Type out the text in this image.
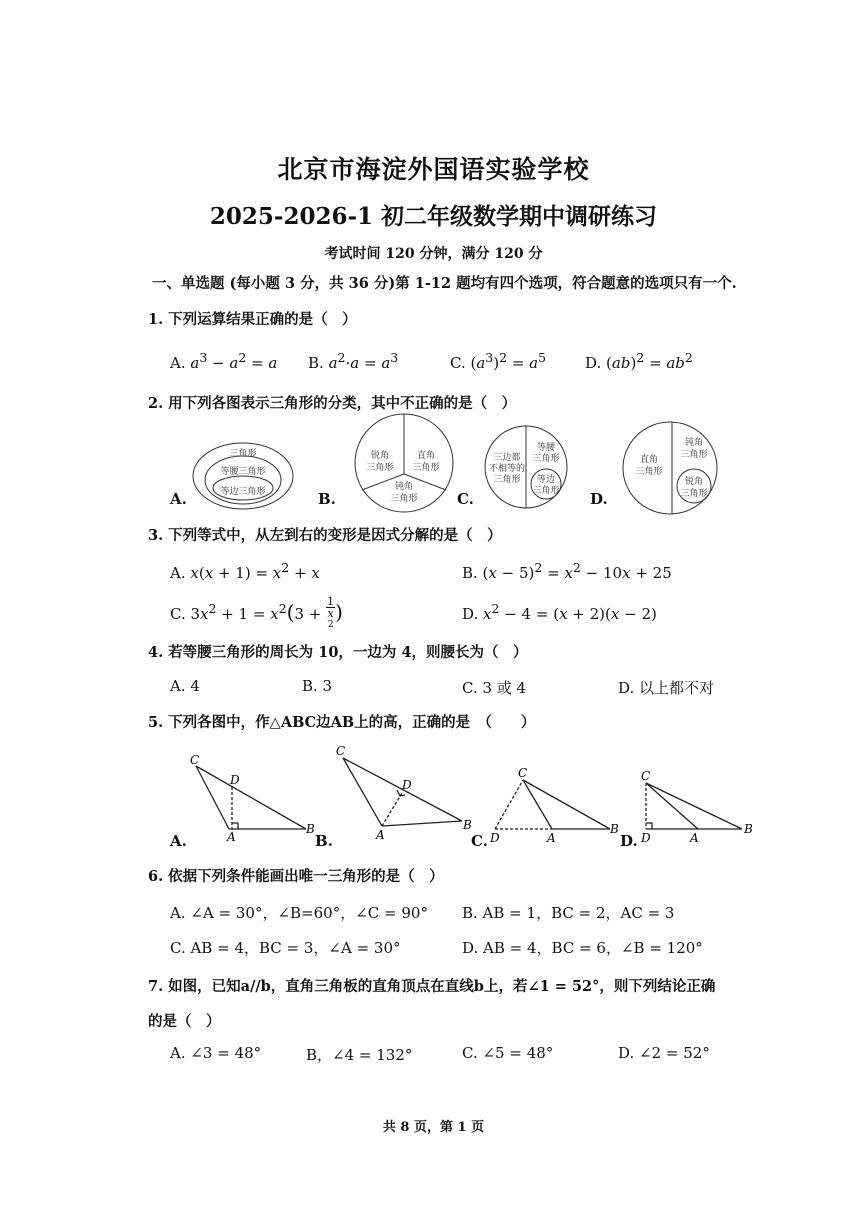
北京市海淀外国语实验学校
2025-2026-1 初二年级数学期中调研练习
考试时间 120 分钟，满分 120 分
一、单选题 (每小题 3 分，共 36 分)第 1-12 题均有四个选项，符合题意的选项只有一个.
1. 下列运算结果正确的是（　）
A. $a^3 - a^2 = a$ B. $a^2\cdot a = a^3$	C. $(a^3)^2 = a^5$	D. $(ab)^2 = ab^2$
2. 用下列各图表示三角形的分类，其中不正确的是（　）
A.	B.	C.	D.
三角形
等腰三角形
等边三角形
锐角
三角形
直角
三角形
钝角
三角形
三边都
不相等的
三角形
等腰
三角形
等边
三角形
直角
三角形
钝角
三角形
锐角
三角形
C
D
A
B
C
D
A
B
C
D	A
B
C
D	A
B
3. 下列等式中，从左到右的变形是因式分解的是（　）
A. $x(x + 1) = x^2 + x$	B. $(x - 5)^2 = x^2 - 10x + 25$
C. $3x^2 + 1 = x^2(3 + 1$
x
$^2$ )	D. $x^2 - 4 = (x + 2)(x - 2)$
4. 若等腰三角形的周长为 10，一边为 4，则腰长为（　）
A. 4	B. 3	C. 3 或 4	D. 以上都不对
5. 下列各图中，作△ABC边AB上的高，正确的是　（　　）
A.	B.	C.	D.
6. 依据下列条件能画出唯一三角形的是（　）
A. ∠A = 30°，∠B=60°，∠C = 90° B. AB = 1，BC = 2，AC = 3
C. AB = 4，BC = 3，∠A = 30°	D. AB = 4，BC = 6，∠B = 120°
7. 如图，已知a//b，直角三角板的直角顶点在直线b上，若∠1 = 52°，则下列结论正确
的是（　）
A. ∠3 = 48°	B，∠4 = 132°	C. ∠5 = 48°	D. ∠2 = 52°
共 8 页，第 1 页
